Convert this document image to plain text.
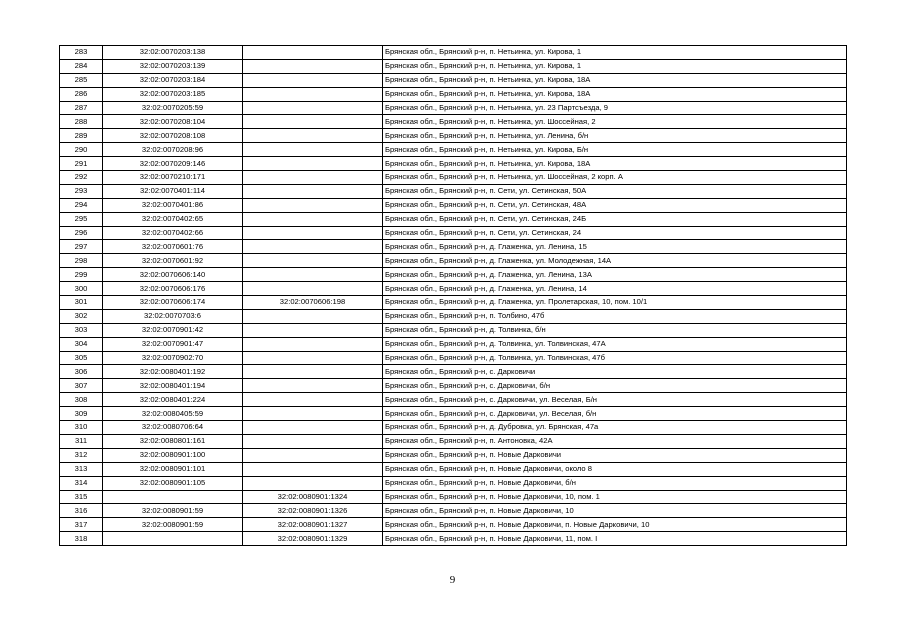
283	32:02:0070203:138		Брянская обл., Брянский р-н, п. Нетьинка, ул. Кирова, 1
284	32:02:0070203:139		Брянская обл., Брянский р-н, п. Нетьинка, ул. Кирова, 1
285	32:02:0070203:184		Брянская обл., Брянский р-н, п. Нетьинка, ул. Кирова, 18А
286	32:02:0070203:185		Брянская обл., Брянский р-н, п. Нетьинка, ул. Кирова, 18А
287	32:02:0070205:59		Брянская обл., Брянский р-н, п. Нетьинка, ул. 23 Партсъезда, 9
288	32:02:0070208:104		Брянская обл., Брянский р-н, п. Нетьинка, ул. Шоссейная, 2
289	32:02:0070208:108		Брянская обл., Брянский р-н, п. Нетьинка, ул. Ленина, б/н
290	32:02:0070208:96		Брянская обл., Брянский р-н, п. Нетьинка, ул. Кирова, Б/н
291	32:02:0070209:146		Брянская обл., Брянский р-н, п. Нетьинка, ул. Кирова, 18А
292	32:02:0070210:171		Брянская обл., Брянский р-н, п. Нетьинка, ул. Шоссейная, 2 корп. А
293	32:02:0070401:114		Брянская обл., Брянский р-н, п. Сети, ул. Сетинская, 50А
294	32:02:0070401:86		Брянская обл., Брянский р-н, п. Сети, ул. Сетинская, 48А
295	32:02:0070402:65		Брянская обл., Брянский р-н, п. Сети, ул. Сетинская, 24Б
296	32:02:0070402:66		Брянская обл., Брянский р-н, п. Сети, ул. Сетинская, 24
297	32:02:0070601:76		Брянская обл., Брянский р-н, д. Глаженка, ул. Ленина, 15
298	32:02:0070601:92		Брянская обл., Брянский р-н, д. Глаженка, ул. Молодежная, 14А
299	32:02:0070606:140		Брянская обл., Брянский р-н, д. Глаженка, ул. Ленина, 13А
300	32:02:0070606:176		Брянская обл., Брянский р-н, д. Глаженка, ул. Ленина, 14
301	32:02:0070606:174	32:02:0070606:198	Брянская обл., Брянский р-н, д. Глаженка, ул. Пролетарская, 10, пом. 10/1
302	32:02:0070703:6		Брянская обл., Брянский р-н, п. Толбино, 47б
303	32:02:0070901:42		Брянская обл., Брянский р-н, д. Толвинка, б/н
304	32:02:0070901:47		Брянская обл., Брянский р-н, д. Толвинка, ул. Толвинская, 47А
305	32:02:0070902:70		Брянская обл., Брянский р-н, д. Толвинка, ул. Толвинская, 47б
306	32:02:0080401:192		Брянская обл., Брянский р-н, с. Дарковичи
307	32:02:0080401:194		Брянская обл., Брянский р-н, с. Дарковичи, б/н
308	32:02:0080401:224		Брянская обл., Брянский р-н, с. Дарковичи, ул. Веселая, Б/н
309	32:02:0080405:59		Брянская обл., Брянский р-н, с. Дарковичи, ул. Веселая, б/н
310	32:02:0080706:64		Брянская обл., Брянский р-н, д. Дубровка, ул. Брянская, 47а
311	32:02:0080801:161		Брянская обл., Брянский р-н, п. Антоновка, 42А
312	32:02:0080901:100		Брянская обл., Брянский р-н, п. Новые Дарковичи
313	32:02:0080901:101		Брянская обл., Брянский р-н, п. Новые Дарковичи, около 8
314	32:02:0080901:105		Брянская обл., Брянский р-н, п. Новые Дарковичи, б/н
315		32:02:0080901:1324	Брянская обл., Брянский р-н, п. Новые Дарковичи, 10, пом. 1
316	32:02:0080901:59	32:02:0080901:1326	Брянская обл., Брянский р-н, п. Новые Дарковичи, 10
317	32:02:0080901:59	32:02:0080901:1327	Брянская обл., Брянский р-н, п. Новые Дарковичи, п. Новые Дарковичи, 10
318		32:02:0080901:1329	Брянская обл., Брянский р-н, п. Новые Дарковичи, 11, пом. I
9
